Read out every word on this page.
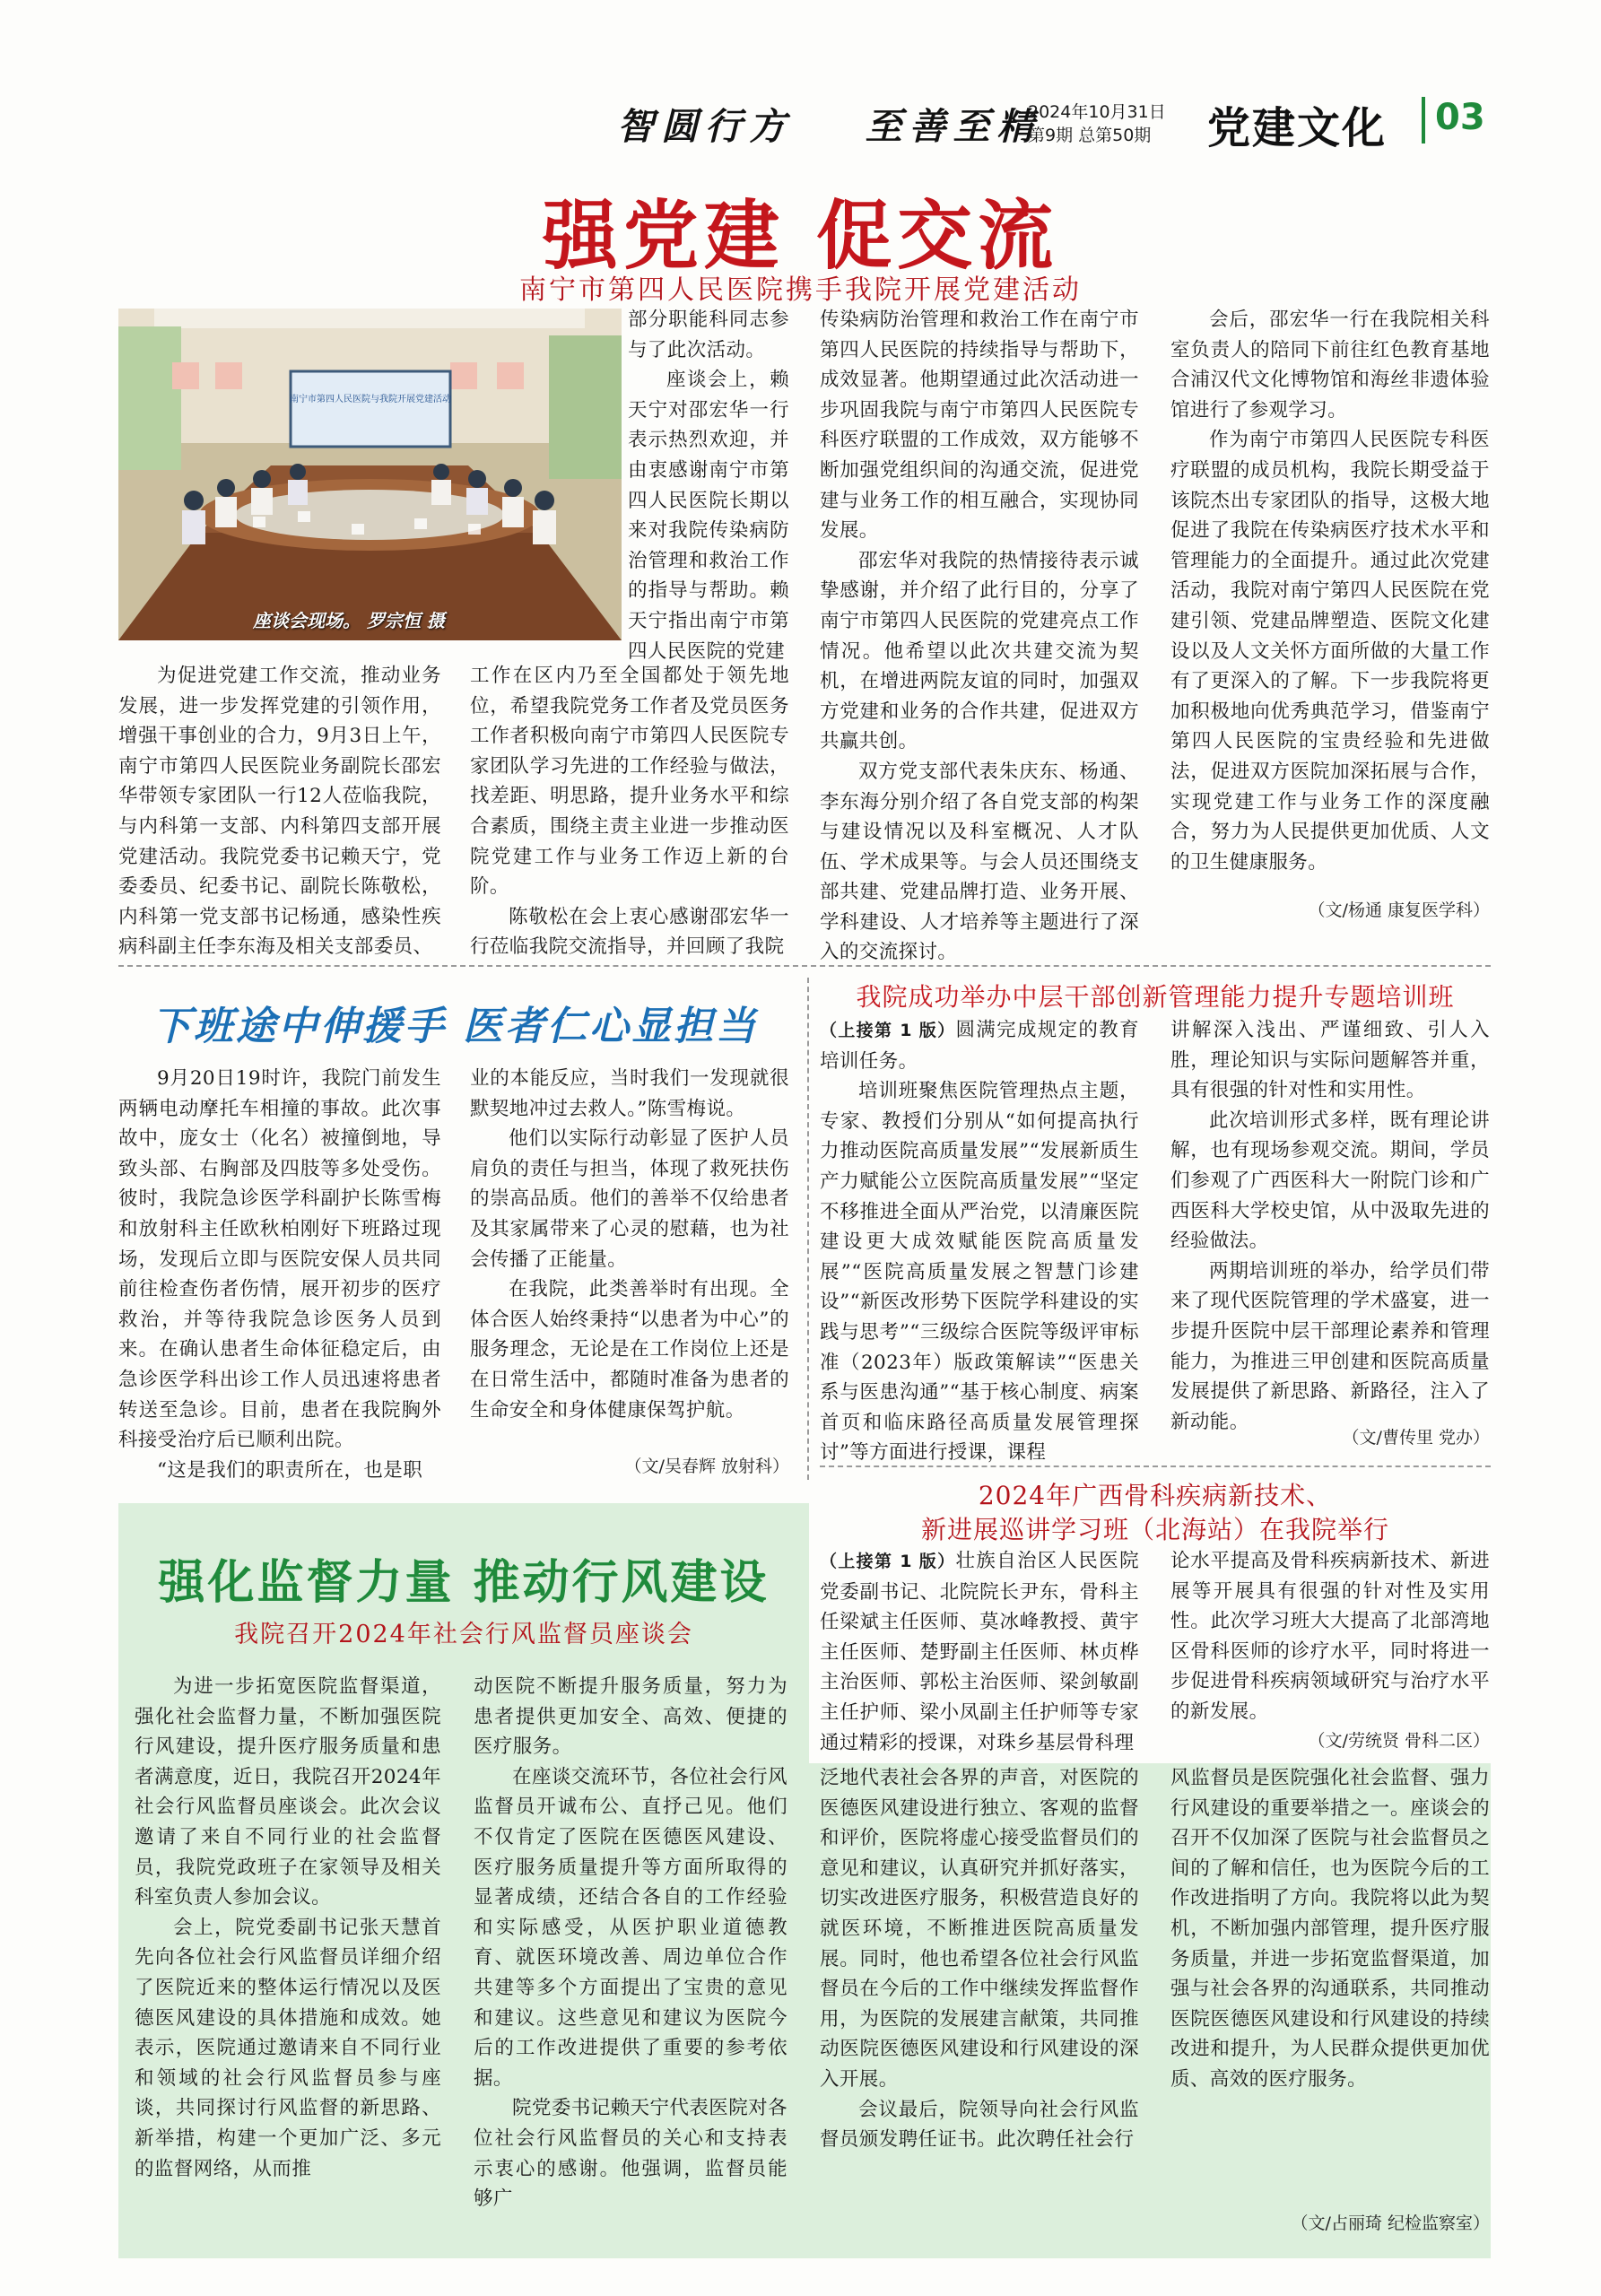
智圆行方 至善至精
2024年10月31日
第9期 总第50期 党建文化 03
强党建 促交流
南宁市第四人民医院携手我院开展党建活动
南宁市第四人民医院与我院开展党建活动
座谈会现场。 罗宗恒 摄

部分职能科同志参与了此次活动。

座谈会上，赖天宁对邵宏华一行表示热烈欢迎，并由衷感谢南宁市第四人民医院长期以来对我院传染病防治管理和救治工作的指导与帮助。赖天宁指出南宁市第四人民医院的党建

为促进党建工作交流，推动业务发展，进一步发挥党建的引领作用，增强干事创业的合力，9月3日上午，南宁市第四人民医院业务副院长邵宏华带领专家团队一行12人莅临我院，与内科第一支部、内科第四支部开展党建活动。我院党委书记赖天宁，党委委员、纪委书记、副院长陈敬松，内科第一党支部书记杨通，感染性疾病科副主任李东海及相关支部委员、

工作在区内乃至全国都处于领先地位，希望我院党务工作者及党员医务工作者积极向南宁市第四人民医院专家团队学习先进的工作经验与做法，找差距、明思路，提升业务水平和综合素质，围绕主责主业进一步推动医院党建工作与业务工作迈上新的台阶。

陈敬松在会上衷心感谢邵宏华一行莅临我院交流指导，并回顾了我院

传染病防治管理和救治工作在南宁市第四人民医院的持续指导与帮助下，成效显著。他期望通过此次活动进一步巩固我院与南宁市第四人民医院专科医疗联盟的工作成效，双方能够不断加强党组织间的沟通交流，促进党建与业务工作的相互融合，实现协同发展。

邵宏华对我院的热情接待表示诚挚感谢，并介绍了此行目的，分享了南宁市第四人民医院的党建亮点工作情况。他希望以此次共建交流为契机，在增进两院友谊的同时，加强双方党建和业务的合作共建，促进双方共赢共创。

双方党支部代表朱庆东、杨通、李东海分别介绍了各自党支部的构架与建设情况以及科室概况、人才队伍、学术成果等。与会人员还围绕支部共建、党建品牌打造、业务开展、学科建设、人才培养等主题进行了深入的交流探讨。

会后，邵宏华一行在我院相关科室负责人的陪同下前往红色教育基地合浦汉代文化博物馆和海丝非遗体验馆进行了参观学习。

作为南宁市第四人民医院专科医疗联盟的成员机构，我院长期受益于该院杰出专家团队的指导，这极大地促进了我院在传染病医疗技术水平和管理能力的全面提升。通过此次党建活动，我院对南宁第四人民医院在党建引领、党建品牌塑造、医院文化建设以及人文关怀方面所做的大量工作有了更深入的了解。下一步我院将更加积极地向优秀典范学习，借鉴南宁第四人民医院的宝贵经验和先进做法，促进双方医院加深拓展与合作，实现党建工作与业务工作的深度融合，努力为人民提供更加优质、人文的卫生健康服务。

（文/杨通 康复医学科）
下班途中伸援手 医者仁心显担当

9月20日19时许，我院门前发生两辆电动摩托车相撞的事故。此次事故中，庞女士（化名）被撞倒地，导致头部、右胸部及四肢等多处受伤。彼时，我院急诊医学科副护长陈雪梅和放射科主任欧秋柏刚好下班路过现场，发现后立即与医院安保人员共同前往检查伤者伤情，展开初步的医疗救治，并等待我院急诊医务人员到来。在确认患者生命体征稳定后，由急诊医学科出诊工作人员迅速将患者转送至急诊。目前，患者在我院胸外科接受治疗后已顺利出院。

“这是我们的职责所在，也是职

业的本能反应，当时我们一发现就很默契地冲过去救人。”陈雪梅说。

他们以实际行动彰显了医护人员肩负的责任与担当，体现了救死扶伤的崇高品质。他们的善举不仅给患者及其家属带来了心灵的慰藉，也为社会传播了正能量。

在我院，此类善举时有出现。全体合医人始终秉持“以患者为中心”的服务理念，无论是在工作岗位上还是在日常生活中，都随时准备为患者的生命安全和身体健康保驾护航。

（文/吴春辉 放射科）
我院成功举办中层干部创新管理能力提升专题培训班

（上接第 1 版）圆满完成规定的教育培训任务。

培训班聚焦医院管理热点主题，专家、教授们分别从“如何提高执行力推动医院高质量发展”“发展新质生产力赋能公立医院高质量发展”“坚定不移推进全面从严治党，以清廉医院建设更大成效赋能医院高质量发展”“医院高质量发展之智慧门诊建设”“新医改形势下医院学科建设的实践与思考”“三级综合医院等级评审标准（2023年）版政策解读”“医患关系与医患沟通”“基于核心制度、病案首页和临床路径高质量发展管理探讨”等方面进行授课，课程

讲解深入浅出、严谨细致、引人入胜，理论知识与实际问题解答并重，具有很强的针对性和实用性。

此次培训形式多样，既有理论讲解，也有现场参观交流。期间，学员们参观了广西医科大一附院门诊和广西医科大学校史馆，从中汲取先进的经验做法。

两期培训班的举办，给学员们带来了现代医院管理的学术盛宴，进一步提升医院中层干部理论素养和管理能力，为推进三甲创建和医院高质量发展提供了新思路、新路径，注入了新动能。

（文/曹传里 党办）
2024年广西骨科疾病新技术、
新进展巡讲学习班（北海站）在我院举行

（上接第 1 版）壮族自治区人民医院党委副书记、北院院长尹东，骨科主任梁斌主任医师、莫冰峰教授、黄宇主任医师、楚野副主任医师、林贞桦主治医师、郭松主治医师、梁剑敏副主任护师、梁小凤副主任护师等专家通过精彩的授课，对珠乡基层骨科理

论水平提高及骨科疾病新技术、新进展等开展具有很强的针对性及实用性。此次学习班大大提高了北部湾地区骨科医师的诊疗水平，同时将进一步促进骨科疾病领域研究与治疗水平的新发展。

（文/劳统贤 骨科二区）
强化监督力量 推动行风建设
我院召开2024年社会行风监督员座谈会

为进一步拓宽医院监督渠道，强化社会监督力量，不断加强医院行风建设，提升医疗服务质量和患者满意度，近日，我院召开2024年社会行风监督员座谈会。此次会议邀请了来自不同行业的社会监督员，我院党政班子在家领导及相关科室负责人参加会议。

会上，院党委副书记张天慧首先向各位社会行风监督员详细介绍了医院近来的整体运行情况以及医德医风建设的具体措施和成效。她表示，医院通过邀请来自不同行业和领域的社会行风监督员参与座谈，共同探讨行风监督的新思路、新举措，构建一个更加广泛、多元的监督网络，从而推

动医院不断提升服务质量，努力为患者提供更加安全、高效、便捷的医疗服务。

在座谈交流环节，各位社会行风监督员开诚布公、直抒己见。他们不仅肯定了医院在医德医风建设、医疗服务质量提升等方面所取得的显著成绩，还结合各自的工作经验和实际感受，从医护职业道德教育、就医环境改善、周边单位合作共建等多个方面提出了宝贵的意见和建议。这些意见和建议为医院今后的工作改进提供了重要的参考依据。

院党委书记赖天宁代表医院对各位社会行风监督员的关心和支持表示衷心的感谢。他强调，监督员能够广

泛地代表社会各界的声音，对医院的医德医风建设进行独立、客观的监督和评价，医院将虚心接受监督员们的意见和建议，认真研究并抓好落实，切实改进医疗服务，积极营造良好的就医环境，不断推进医院高质量发展。同时，他也希望各位社会行风监督员在今后的工作中继续发挥监督作用，为医院的发展建言献策，共同推动医院医德医风建设和行风建设的深入开展。

会议最后，院领导向社会行风监督员颁发聘任证书。此次聘任社会行

风监督员是医院强化社会监督、强力行风建设的重要举措之一。座谈会的召开不仅加深了医院与社会监督员之间的了解和信任，也为医院今后的工作改进指明了方向。我院将以此为契机，不断加强内部管理，提升医疗服务质量，并进一步拓宽监督渠道，加强与社会各界的沟通联系，共同推动医院医德医风建设和行风建设的持续改进和提升，为人民群众提供更加优质、高效的医疗服务。

（文/占丽琦 纪检监察室）
